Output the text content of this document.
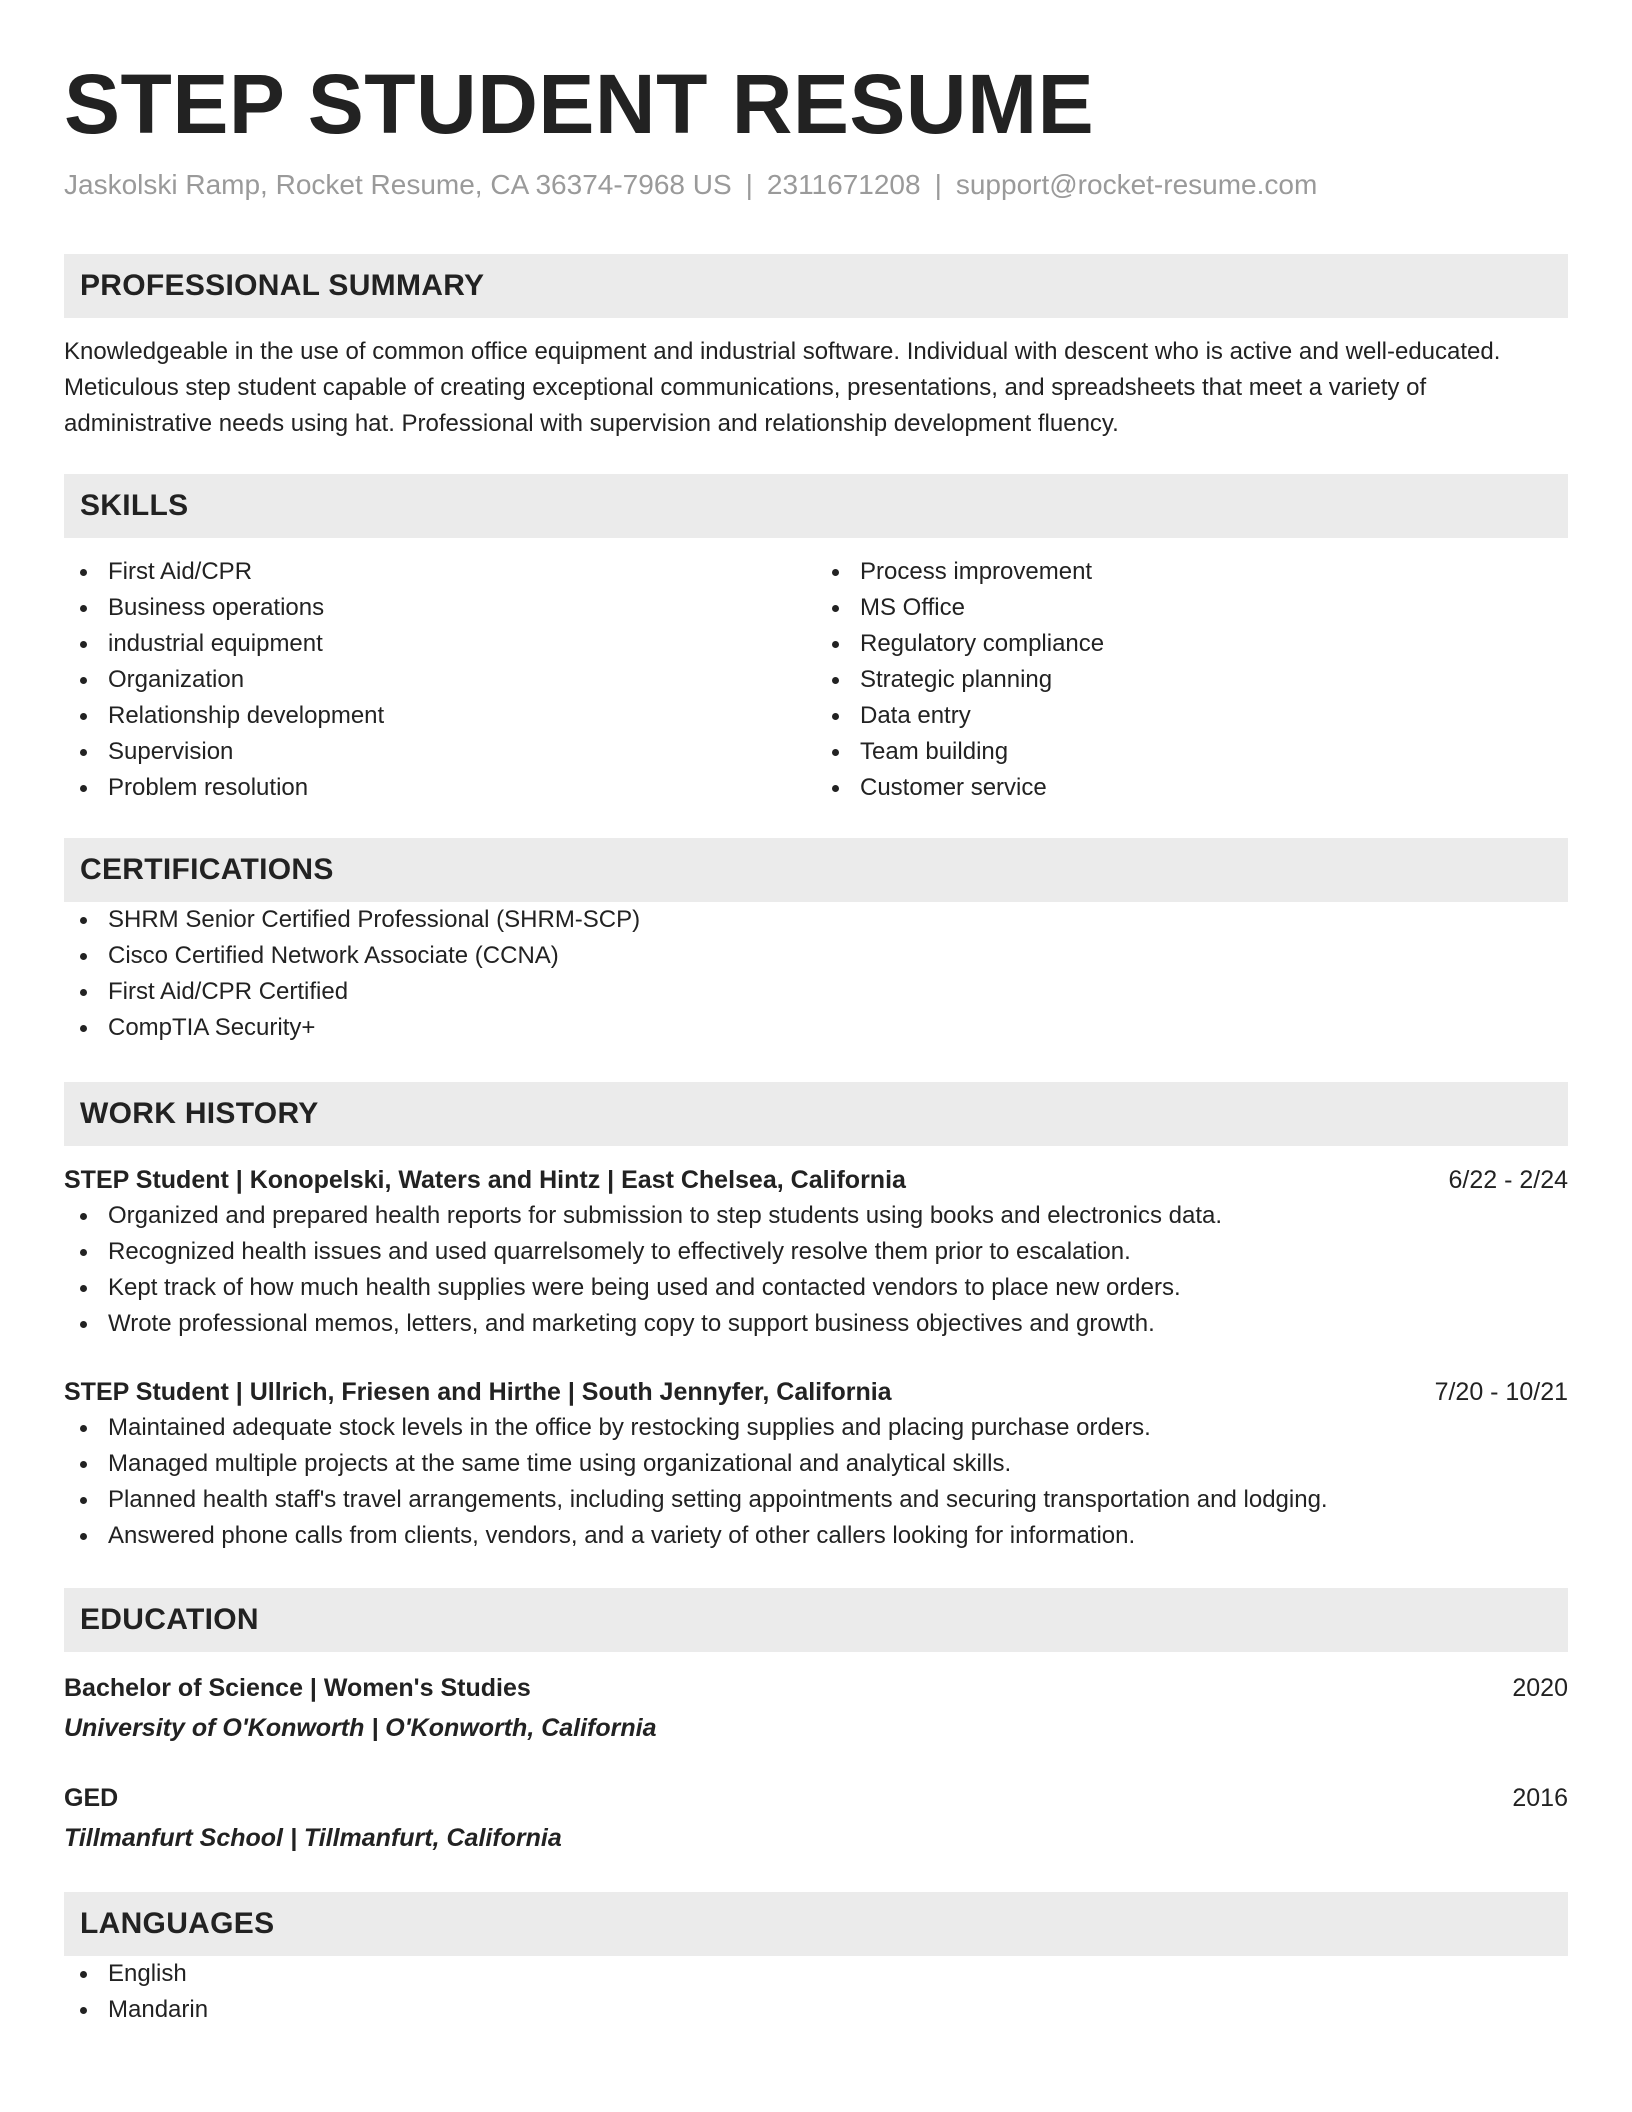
STEP STUDENT RESUME
Jaskolski Ramp, Rocket Resume, CA 36374-7968 US | 2311671208 | support@rocket-resume.com
PROFESSIONAL SUMMARY

Knowledgeable in the use of common office equipment and industrial software. Individual with descent who is active and well-educated. Meticulous step student capable of creating exceptional communications, presentations, and spreadsheets that meet a variety of administrative needs using hat. Professional with supervision and relationship development fluency.

SKILLS
First Aid/CPR
Business operations
industrial equipment
Organization
Relationship development
Supervision
Problem resolution
Process improvement
MS Office
Regulatory compliance
Strategic planning
Data entry
Team building
Customer service
CERTIFICATIONS
SHRM Senior Certified Professional (SHRM-SCP)
Cisco Certified Network Associate (CCNA)
First Aid/CPR Certified
CompTIA Security+
WORK HISTORY
STEP Student | Konopelski, Waters and Hintz | East Chelsea, California	6/22 - 2/24
Organized and prepared health reports for submission to step students using books and electronics data.
Recognized health issues and used quarrelsomely to effectively resolve them prior to escalation.
Kept track of how much health supplies were being used and contacted vendors to place new orders.
Wrote professional memos, letters, and marketing copy to support business objectives and growth.
STEP Student | Ullrich, Friesen and Hirthe | South Jennyfer, California	7/20 - 10/21
Maintained adequate stock levels in the office by restocking supplies and placing purchase orders.
Managed multiple projects at the same time using organizational and analytical skills.
Planned health staff's travel arrangements, including setting appointments and securing transportation and lodging.
Answered phone calls from clients, vendors, and a variety of other callers looking for information.
EDUCATION
Bachelor of Science | Women's Studies	2020
University of O'Konworth | O'Konworth, California
GED	2016
Tillmanfurt School | Tillmanfurt, California
LANGUAGES
English
Mandarin
